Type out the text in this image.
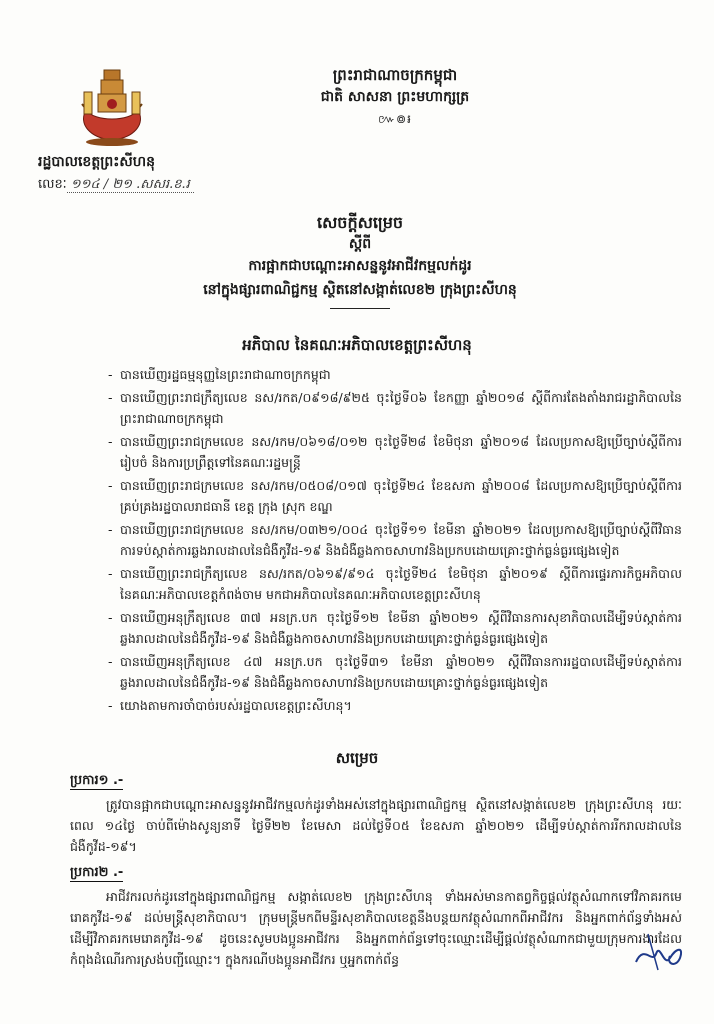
ព្រះរាជាណាចក្រកម្ពុជា
ជាតិ សាសនា ព្រះមហាក្សត្រ
៚៙៛
រដ្ឋបាលខេត្តព្រះសីហនុ
លេខៈ ១១៤ / ២១ .សសរ.ខ.រ
សេចក្តីសម្រេច
ស្តីពី
ការផ្អាកជាបណ្តោះអាសន្ននូវអាជីវកម្មលក់ដូរ
នៅក្នុងផ្សារពាណិជ្ជកម្ម ស្ថិតនៅសង្កាត់លេខ២ ក្រុងព្រះសីហនុ
អភិបាល នៃគណៈអភិបាលខេត្តព្រះសីហនុ
- បានឃើញរដ្ឋធម្មនុញ្ញនៃព្រះរាជាណាចក្រកម្ពុជា
- បានឃើញព្រះរាជក្រឹត្យលេខ នស/រកត/០៩១៨/៩២៥ ចុះថ្ងៃទី០៦ ខែកញ្ញា ឆ្នាំ២០១៨ ស្តីពីការតែងតាំងរាជរដ្ឋាភិបាលនៃព្រះរាជាណាចក្រកម្ពុជា
- បានឃើញព្រះរាជក្រមលេខ នស/រកម/០៦១៨/០១២ ចុះថ្ងៃទី២៨ ខែមិថុនា ឆ្នាំ២០១៨ ដែលប្រកាសឱ្យប្រើច្បាប់ស្តីពីការរៀបចំ និងការប្រព្រឹត្តទៅនៃគណៈរដ្ឋមន្ត្រី
- បានឃើញព្រះរាជក្រមលេខ នស/រកម/០៥០៨/០១៧ ចុះថ្ងៃទី២៤ ខែឧសភា ឆ្នាំ២០០៨ ដែលប្រកាសឱ្យប្រើច្បាប់ស្តីពីការគ្រប់គ្រងរដ្ឋបាលរាជធានី ខេត្ត ក្រុង ស្រុក ខណ្ឌ
- បានឃើញព្រះរាជក្រមលេខ នស/រកម/០៣២១/០០៤ ចុះថ្ងៃទី១១ ខែមីនា ឆ្នាំ២០២១ ដែលប្រកាសឱ្យប្រើច្បាប់ស្តីពីវិធានការទប់ស្កាត់ការឆ្លងរាលដាលនៃជំងឺកូវីដ-១៩ និងជំងឺឆ្លងកាចសាហាវនិងប្រកបដោយគ្រោះថ្នាក់ធ្ងន់ធ្ងរផ្សេងទៀត
- បានឃើញព្រះរាជក្រឹត្យលេខ នស/រកត/០៦១៩/៩១៤ ចុះថ្ងៃទី២៤ ខែមិថុនា ឆ្នាំ២០១៩ ស្តីពីការផ្ទេរភារកិច្ចអភិបាល នៃគណៈអភិបាលខេត្តកំពង់ចាម មកជាអភិបាលនៃគណៈអភិបាលខេត្តព្រះសីហនុ
- បានឃើញអនុក្រឹត្យលេខ ៣៧ អនក្រ.បក ចុះថ្ងៃទី១២ ខែមីនា ឆ្នាំ២០២១ ស្តីពីវិធានការសុខាភិបាលដើម្បីទប់ស្កាត់ការឆ្លងរាលដាលនៃជំងឺកូវីដ-១៩ និងជំងឺឆ្លងកាចសាហាវនិងប្រកបដោយគ្រោះថ្នាក់ធ្ងន់ធ្ងរផ្សេងទៀត
- បានឃើញអនុក្រឹត្យលេខ ៤៧ អនក្រ.បក ចុះថ្ងៃទី៣១ ខែមីនា ឆ្នាំ២០២១ ស្តីពីវិធានការរដ្ឋបាលដើម្បីទប់ស្កាត់ការឆ្លងរាលដាលនៃជំងឺកូវីដ-១៩ និងជំងឺឆ្លងកាចសាហាវនិងប្រកបដោយគ្រោះថ្នាក់ធ្ងន់ធ្ងរផ្សេងទៀត
- យោងតាមការចាំបាច់របស់រដ្ឋបាលខេត្តព្រះសីហនុ។
សម្រេច
ប្រការ១ .-
ត្រូវបានផ្អាកជាបណ្តោះអាសន្ននូវអាជីវកម្មលក់ដូរទាំងអស់នៅក្នុងផ្សារពាណិជ្ជកម្ម ស្ថិតនៅសង្កាត់លេខ២ ក្រុងព្រះសីហនុ រយៈពេល ១៤ថ្ងៃ ចាប់ពីម៉ោងសូន្យនាទី ថ្ងៃទី២២ ខែមេសា ដល់ថ្ងៃទី០៥ ខែឧសភា ឆ្នាំ២០២១ ដើម្បីទប់ស្កាត់ការរីករាលដាលនៃជំងឺកូវីដ-១៩។
ប្រការ២ .-
អាជីវករលក់ដូរនៅក្នុងផ្សារពាណិជ្ជកម្ម សង្កាត់លេខ២ ក្រុងព្រះសីហនុ ទាំងអស់មានកាតព្វកិច្ចផ្តល់វត្ថុសំណាកទៅវិភាគរកមេរោគកូវីដ-១៩ ដល់មន្ត្រីសុខាភិបាល។ ក្រុមមន្ត្រីមកពីមន្ទីរសុខាភិបាលខេត្តនឹងបន្តយកវត្ថុសំណាកពីអាជីវករ និងអ្នកពាក់ព័ន្ធទាំងអស់ដើម្បីវិភាគរកមេរោគកូវីដ-១៩ ដូចនេះសូមបងប្អូនអាជីវករ និងអ្នកពាក់ព័ន្ធទៅចុះឈ្មោះដើម្បីផ្តល់វត្ថុសំណាកជាមួយក្រុមការងារដែលកំពុងដំណើរការស្រង់បញ្ជីឈ្មោះ។ ក្នុងករណីបងប្អូនអាជីវករ ឬអ្នកពាក់ព័ន្ធ
